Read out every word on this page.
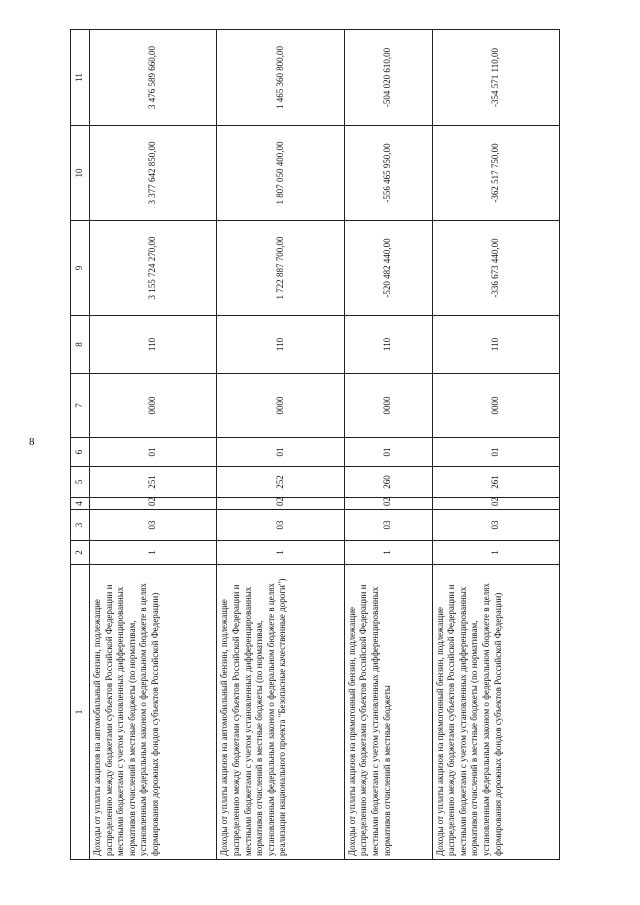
8
1	2	3	4	5	6	7	8	9	10	11
Доходы от уплаты акцизов на автомобильный бензин, подлежащие распределению между бюджетами субъектов Российской Федерации и местными бюджетами с учетом установленных дифференцированных нормативов отчислений в местные бюджеты (по нормативам, установленным федеральным законом о федеральном бюджете в целях формирования дорожных фондов субъектов Российской Федерации)	1	03	02	251	01	0000	110	3 155 724 270,00	3 377 642 850,00	3 476 589 660,00
Доходы от уплаты акцизов на автомобильный бензин, подлежащие распределению между бюджетами субъектов Российской Федерации и местными бюджетами с учетом установленных дифференцированных нормативов отчислений в местные бюджеты (по нормативам, установленным федеральным законом о федеральном бюджете в целях реализации национального проекта "Безопасные качественные дороги")	1	03	02	252	01	0000	110	1 722 887 700,00	1 807 050 400,00	1 465 360 800,00
Доходы от уплаты акцизов на прямогонный бензин, подлежащие распределению между бюджетами субъектов Российской Федерации и местными бюджетами с учетом установленных дифференцированных нормативов отчислений в местные бюджеты	1	03	02	260	01	0000	110	-520 482 440,00	-556 465 950,00	-504 020 610,00
Доходы от уплаты акцизов на прямогонный бензин, подлежащие распределению между бюджетами субъектов Российской Федерации и местными бюджетами с учетом установленных дифференцированных нормативов отчислений в местные бюджеты (по нормативам, установленным федеральным законом о федеральном бюджете в целях формирования дорожных фондов субъектов Российской Федерации)	1	03	02	261	01	0000	110	-336 673 440,00	-362 517 750,00	-354 571 110,00
